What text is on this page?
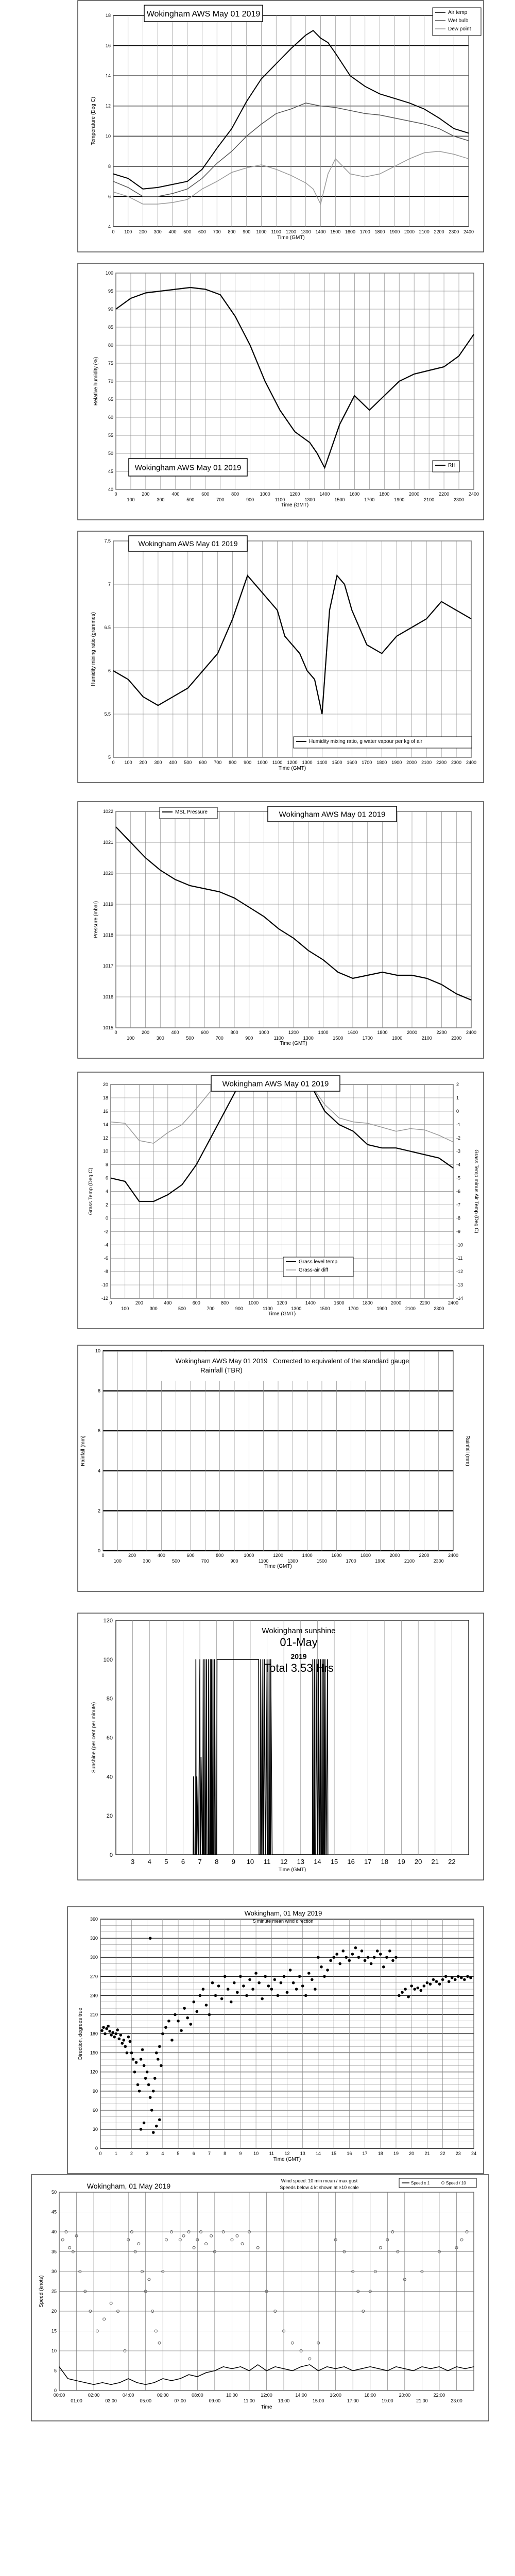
4
6
8
10
12
14
16
18
0 100 200 300 400 500 600 700 800 900 1000 1100 1200 1300 1400 1500 1600 1700 1800 1900 2000 2100 2200 2300 2400
Time (GMT)
Temperature (Deg C)
Wokingham AWS May 01 2019	Air temp
Wet bulb
Dew point
40
45
50
55
60
65
70
75
80
85
90
95
100
0	200	400	600	800	1000	1200	1400	1600	1800	2000	2200	2400
100	300	500	700	900	1100	1300	1500	1700	1900	2100	2300
Time (GMT)
Relative humidity (%)
Wokingham AWS May 01 2019	RH
5
5.5
6
6.5
7
7.5
0 100 200 300 400 500 600 700 800 900 1000 1100 1200 1300 1400 1500 1600 1700 1800 1900 2000 2100 2200 2300 2400
Time (GMT)
Humidity mixing ratio (grammes)
Wokingham AWS May 01 2019
Humidity mixing ratio, g water vapour per kg of air
1015
1016
1017
1018
1019
1020
1021
1022
0	200	400	600	800	1000	1200	1400	1600	1800	2000	2200	2400
100	300	500	700	900	1100	1300	1500	1700	1900	2100	2300
Time (GMT)
Pressure (mbar)
MSL Pressure	Wokingham AWS May 01 2019
-12
-10
-8
-6
-4
-2
0
2
4
6
8
10
12
14
16
18
20
0	200	400	600	800	1000	1200	1400	1600	1800	2000	2200	2400
100	300	500	700	900	1100	1300	1500	1700	1900	2100	2300
Time (GMT)
Grass Temp (Deg C)
-14
-13
-12
-11
-10
-9
-8
-7
-6
-5
-4
-3
-2
-1
0
1
2
Grass Temp minus Air Temp (Deg C)
Wokingham AWS May 01 2019
Grass level temp
Grass-air diff
0
2
4
6
8
10
0	200	400	600	800	1000	1200	1400	1600	1800	2000	2200	2400
100	300	500	700	900	1100	1300	1500	1700	1900	2100	2300
Time (GMT)
Rainfall (mm)	Rainfall (mm)
Wokingham AWS May 01 2019
Rainfall (TBR)
Corrected to equivalent of the standard gauge
3 4 5 6 7 8 9 10 11 12 13 14 15 16 17 18 19 20 21 22
Time (GMT)
Sunshine (per cent per minute)
0
20
40
60
80
100
120
Wokingham sunshine
01-May
2019
Total 3.53 Hrs
0
30
60
90
120
150
180
210
240
270
300
330
360
0	1	2	3	4	5	6	7	8	9	10 11 12 13 14 15 16 17 18 19 20 21 22 23 24
Time (GMT)
Direction, degrees true
Wokingham, 01 May 2019
5 minute mean wind direction
0
5
10
15
20
25
30
35
40
45
50
00:00	02:00	04:00	06:00	08:00	10:00	12:00	14:00	16:00	18:00	20:00	22:00
01:00	03:00	05:00	07:00	09:00	11:00	13:00	15:00	17:00	19:00	21:00	23:00
Time
Speed (knots)
Wokingham, 01 May 2019
Wind speed: 10 min mean / max gust
Speeds below 4 kt shown at ×10 scale
Speed x 1	Speed / 10
